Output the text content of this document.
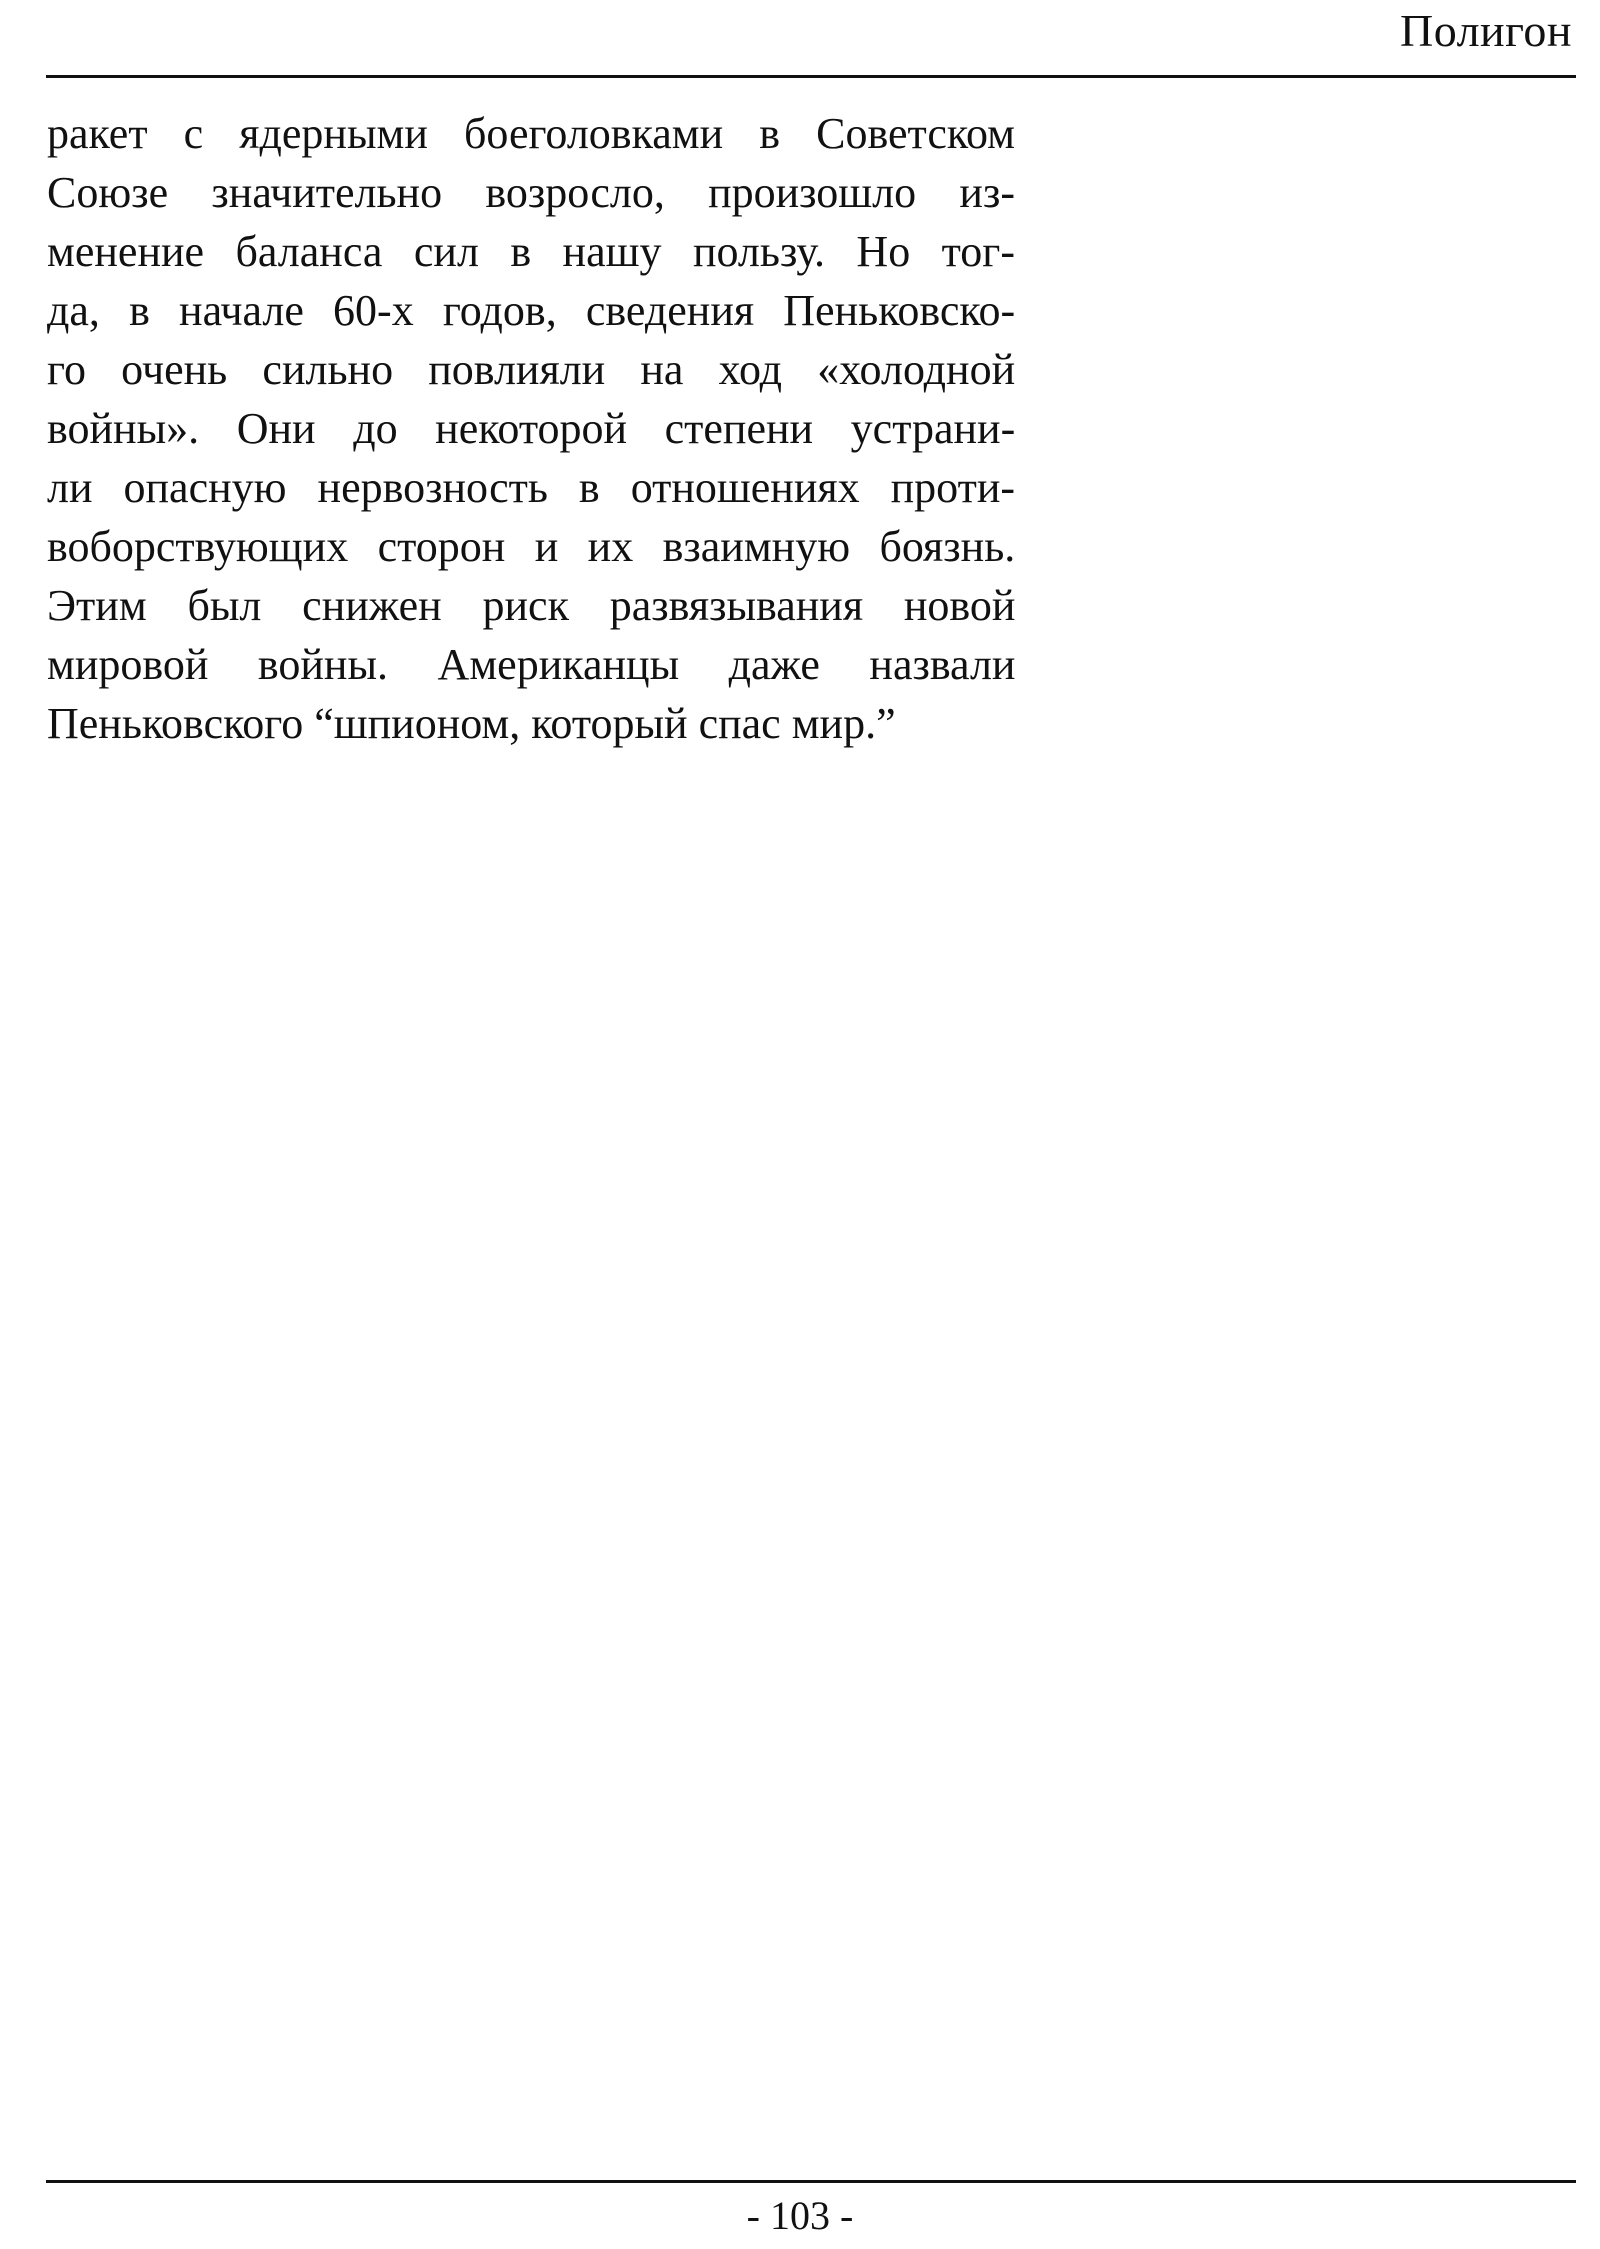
Полигон
ракет с ядерными боеголовками в Советском
Союзе значительно возросло, произошло из-
менение баланса сил в нашу пользу. Но тог-
да, в начале 60-х годов, сведения Пеньковско-
го очень сильно повлияли на ход «холодной
войны». Они до некоторой степени устрани-
ли опасную нервозность в отношениях проти-
воборствующих сторон и их взаимную боязнь.
Этим был снижен риск развязывания новой
мировой войны. Американцы даже назвали
Пеньковского “шпионом, который спас мир.”
- 103 -
